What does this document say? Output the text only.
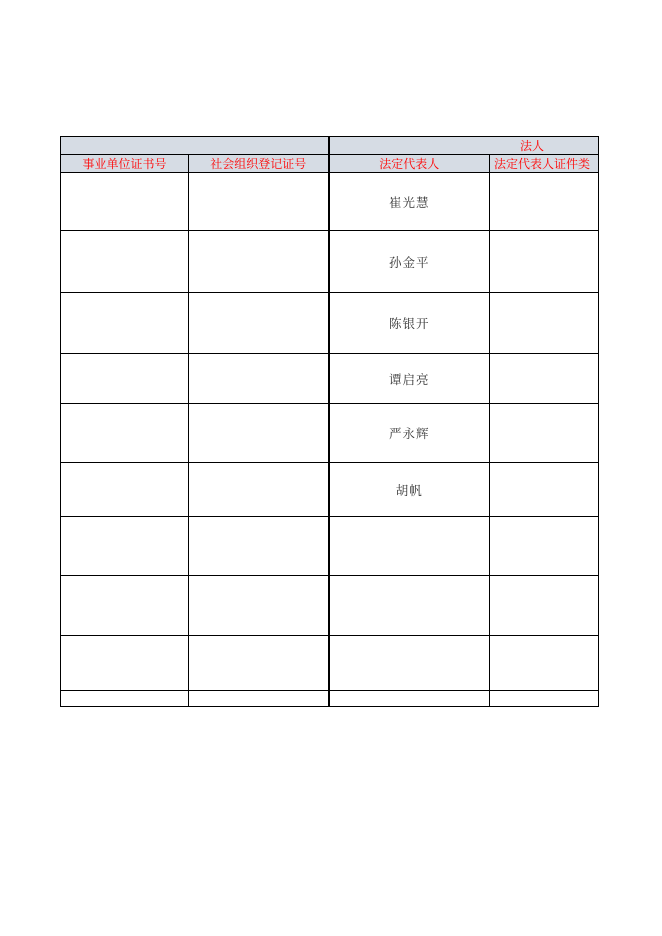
		法人	
事业单位证书号	社会组织登记证号	法定代表人	法定代表人证件类
		崔光慧	
		孙金平	
		陈银开	
		谭启亮	
		严永辉	
		胡帆	
